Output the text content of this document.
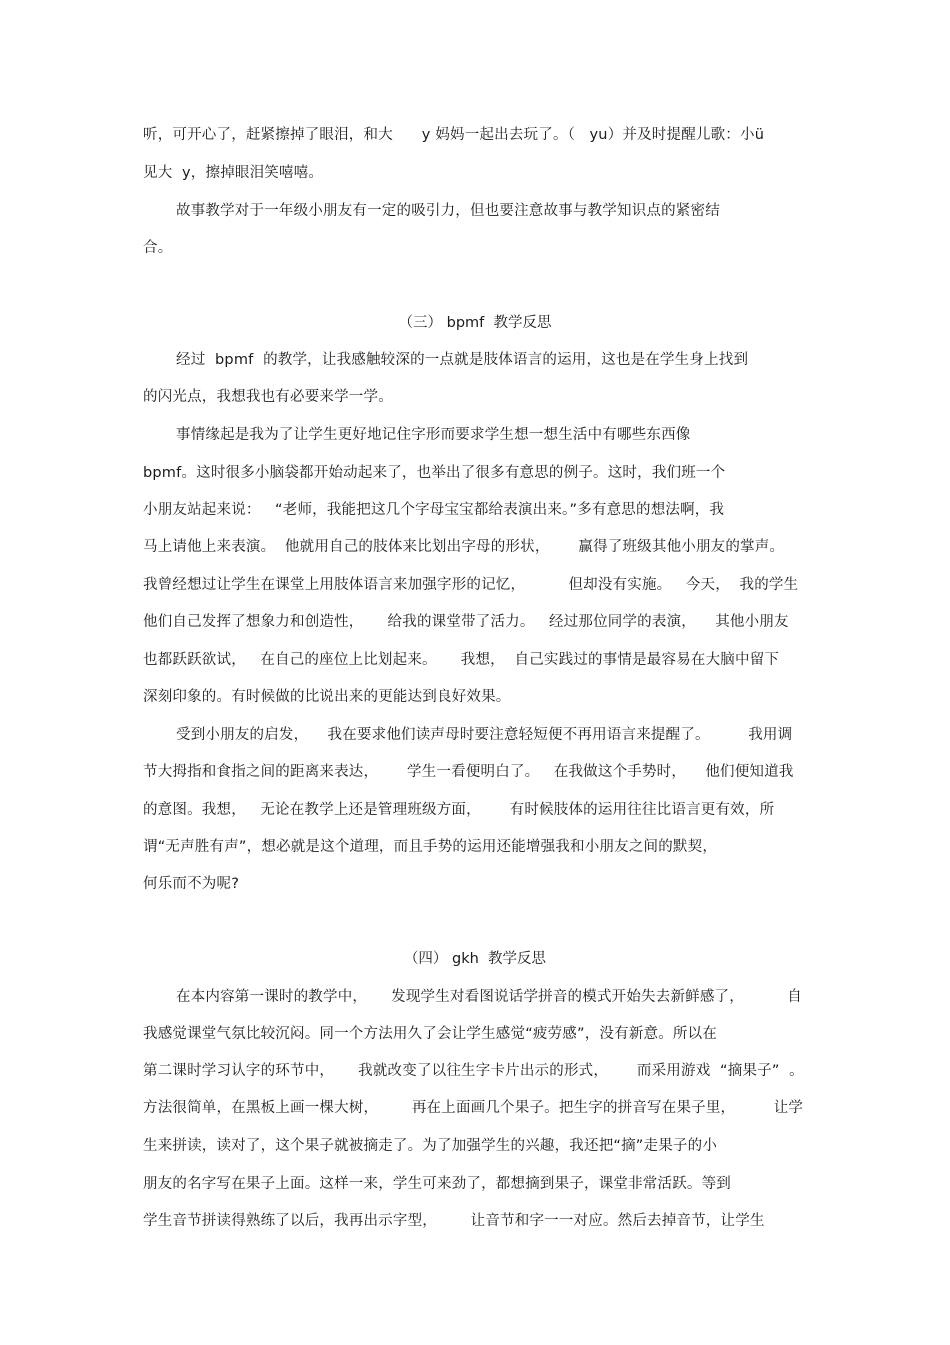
听，可开心了，赶紧擦掉了眼泪，和大      y 妈妈一起出去玩了。（   yu）并及时提醒儿歌：小ü
见大  y，擦掉眼泪笑嘻嘻。
故事教学对于一年级小朋友有一定的吸引力，但也要注意故事与教学知识点的紧密结
合。
（三） bpmf  教学反思
经过  bpmf  的教学，让我感触较深的一点就是肢体语言的运用，这也是在学生身上找到
的闪光点，我想我也有必要来学一学。
事情缘起是我为了让学生更好地记住字形而要求学生想一想生活中有哪些东西像
bpmf。这时很多小脑袋都开始动起来了，也举出了很多有意思的例子。这时，我们班一个
小朋友站起来说：   “老师，我能把这几个字母宝宝都给表演出来。”多有意思的想法啊，我
马上请他上来表演。  他就用自己的肢体来比划出字母的形状，      赢得了班级其他小朋友的掌声。
我曾经想过让学生在课堂上用肢体语言来加强字形的记忆，         但却没有实施。   今天，  我的学生
他们自己发挥了想象力和创造性，     给我的课堂带了活力。   经过那位同学的表演，    其他小朋友
也都跃跃欲试，   在自己的座位上比划起来。     我想，  自己实践过的事情是最容易在大脑中留下
深刻印象的。有时候做的比说出来的更能达到良好效果。
受到小朋友的启发，    我在要求他们读声母时要注意轻短便不再用语言来提醒了。        我用调
节大拇指和食指之间的距离来表达，      学生一看便明白了。   在我做这个手势时，    他们便知道我
的意图。我想，   无论在教学上还是管理班级方面，      有时候肢体的运用往往比语言更有效，所
谓“无声胜有声”，想必就是这个道理，而且手势的运用还能增强我和小朋友之间的默契，
何乐而不为呢?
（四） gkh  教学反思
在本内容第一课时的教学中，     发现学生对看图说话学拼音的模式开始失去新鲜感了，         自
我感觉课堂气氛比较沉闷。同一个方法用久了会让学生感觉“疲劳感”，没有新意。所以在
第二课时学习认字的环节中，     我就改变了以往生字卡片出示的形式，      而采用游戏  “摘果子”  。
方法很简单，在黑板上画一棵大树，       再在上面画几个果子。把生字的拼音写在果子里，        让学
生来拼读，读对了，这个果子就被摘走了。为了加强学生的兴趣，我还把“摘”走果子的小
朋友的名字写在果子上面。这样一来，学生可来劲了，都想摘到果子，课堂非常活跃。等到
学生音节拼读得熟练了以后，我再出示字型，       让音节和字一一对应。然后去掉音节，让学生
